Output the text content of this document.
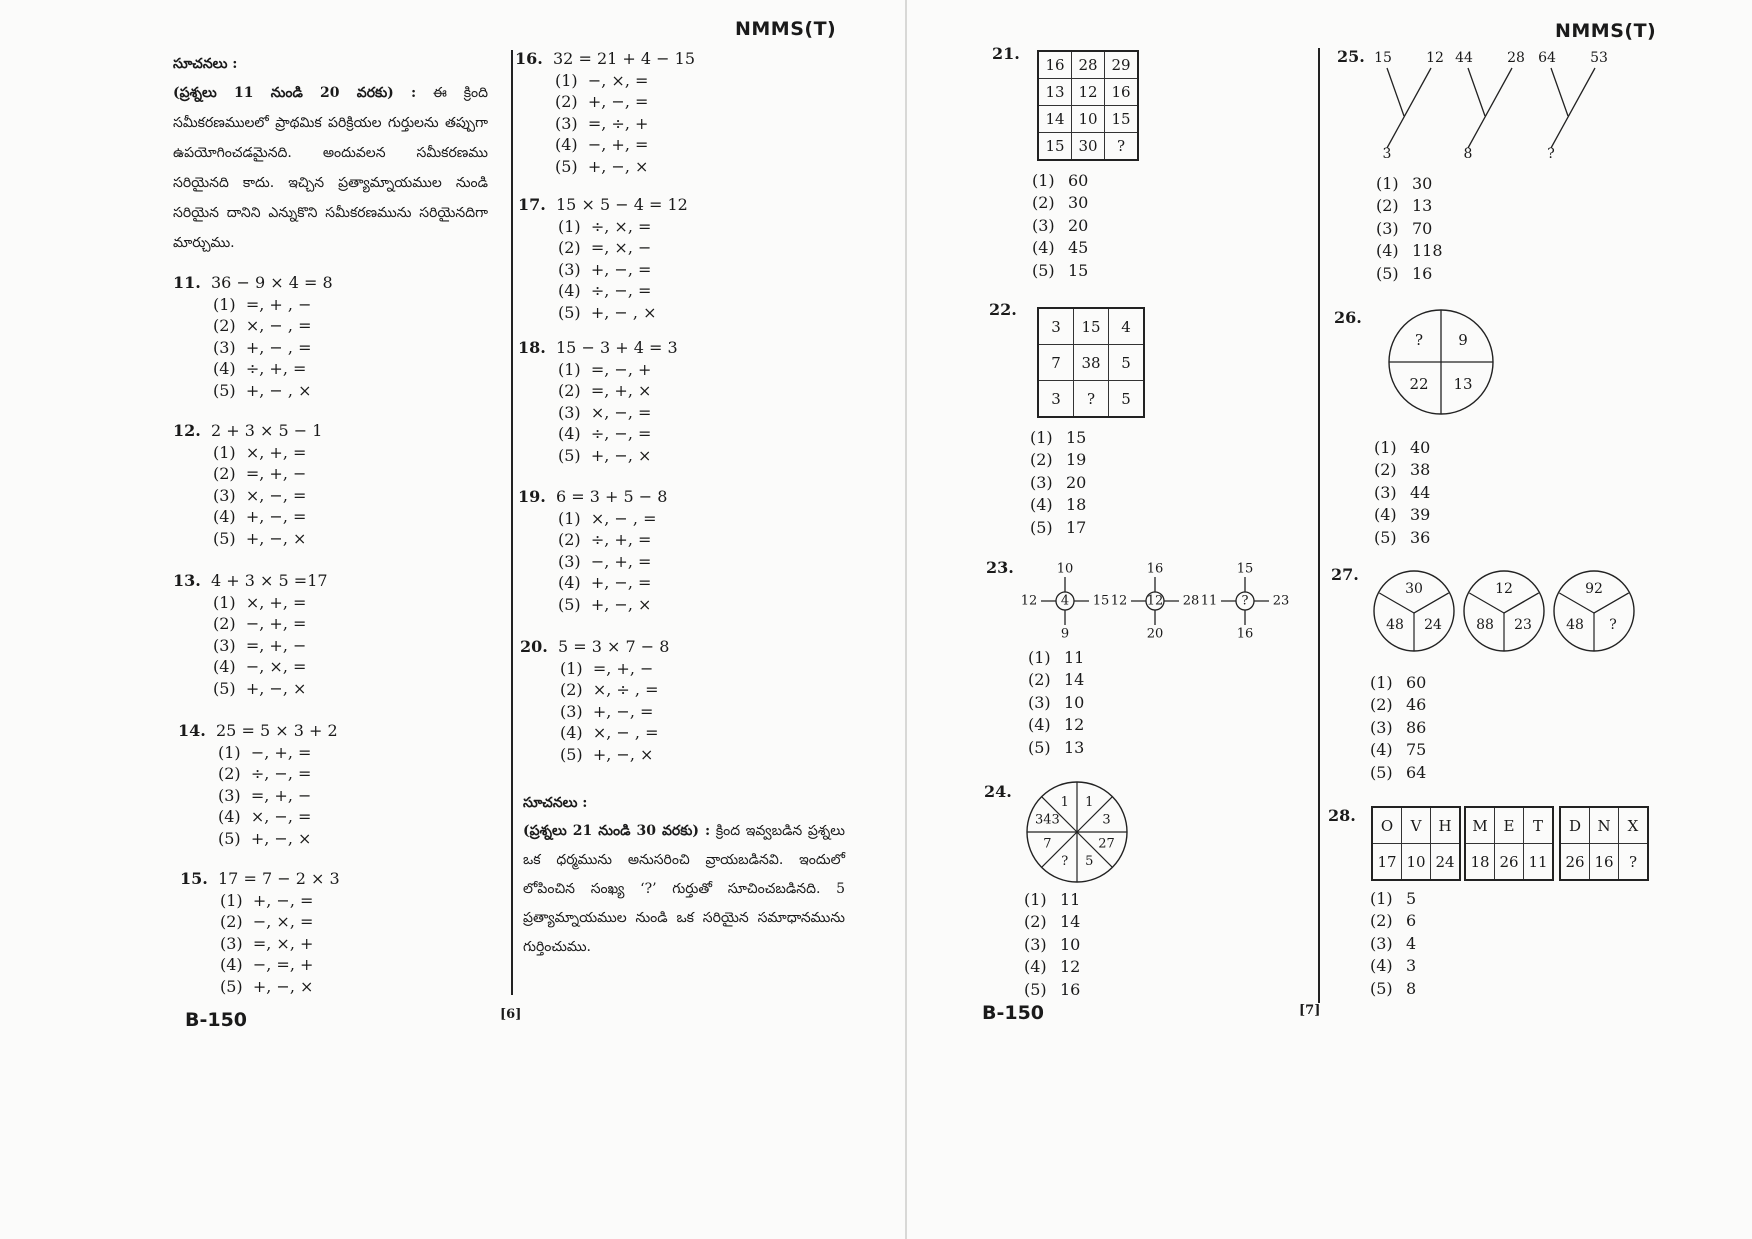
NMMS(T)
సూచనలు :
(ప్రశ్నలు 11 నుండి 20 వరకు) : ఈ క్రింది సమీకరణములలో ప్రాథమిక పరిక్రియల గుర్తులను తప్పుగా ఉపయోగించడమైనది. అందువలన సమీకరణము సరియైనది కాదు. ఇచ్చిన ప్రత్యామ్నాయముల నుండి సరియైన దానిని ఎన్నుకొని సమీకరణమును సరియైనదిగా మార్చుము.
సూచనలు :
(ప్రశ్నలు 21 నుండి 30 వరకు) : క్రింద ఇవ్వబడిన ప్రశ్నలు ఒక ధర్మమును అనుసరించి వ్రాయబడినవి. ఇందులో లోపించిన సంఖ్య ‘?’ గుర్తుతో సూచించబడినది. 5 ప్రత్యామ్నాయముల నుండి ఒక సరియైన సమాధానమును గుర్తించుము.
B-150	[6]
11. 36 − 9 × 4 = 8
(1)  =, + , −
(2)  ×, − , =
(3)  +, − , =
(4)  ÷, +, =
(5)  +, − , ×
12. 2 + 3 × 5 − 1
(1)  ×, +, =
(2)  =, +, −
(3)  ×, −, =
(4)  +, −, =
(5)  +, −, ×
13. 4 + 3 × 5 =17
(1)  ×, +, =
(2)  −, +, =
(3)  =, +, −
(4)  −, ×, =
(5)  +, −, ×
14. 25 = 5 × 3 + 2
(1)  −, +, =
(2)  ÷, −, =
(3)  =, +, −
(4)  ×, −, =
(5)  +, −, ×
15. 17 = 7 − 2 × 3
(1)  +, −, =
(2)  −, ×, =
(3)  =, ×, +
(4)  −, =, +
(5)  +, −, ×
16. 32 = 21 + 4 − 15
(1)  −, ×, =
(2)  +, −, =
(3)  =, ÷, +
(4)  −, +, =
(5)  +, −, ×
17. 15 × 5 − 4 = 12
(1)  ÷, ×, =
(2)  =, ×, −
(3)  +, −, =
(4)  ÷, −, =
(5)  +, − , ×
18. 15 − 3 + 4 = 3
(1)  =, −, +
(2)  =, +, ×
(3)  ×, −, =
(4)  ÷, −, =
(5)  +, −, ×
19. 6 = 3 + 5 − 8
(1)  ×, − , =
(2)  ÷, +, =
(3)  −, +, =
(4)  +, −, =
(5)  +, −, ×
20. 5 = 3 × 7 − 8
(1)  =, +, −
(2)  ×, ÷ , =
(3)  +, −, =
(4)  ×, − , =
(5)  +, −, ×
NMMS(T)
21.
16	28	29
13	12	16
14	10	15
15	30	?
(1) 60
(2) 30
(3) 20
(4) 45
(5) 15
22.
3	15	4
7	38	5
3	?	5
(1) 15
(2) 19
(3) 20
(4) 18
(5) 17
23.
4
10
9
12	15	12
16
20
12	28	?
15
16
11	23
(1) 11
(2) 14
(3) 10
(4) 12
(5) 13
24.
1
3
27
5
?
7
343
1
(1) 11
(2) 14
(3) 10
(4) 12
(5) 16
25. 15 12
3
44 28
8
64 53
?
(1) 30
(2) 13
(3) 70
(4) 118
(5) 16
26.
? 9
22 13
(1) 40
(2) 38
(3) 44
(4) 39
(5) 36
27.
30
48 24
12
88 23
92
48 ?
(1) 60
(2) 46
(3) 86
(4) 75
(5) 64
28.
O	V	H
17	10	24
M	E	T
18	26	11
D	N	X
26	16	?
(1) 5
(2) 6
(3) 4
(4) 3
(5) 8
B-150	[7]
